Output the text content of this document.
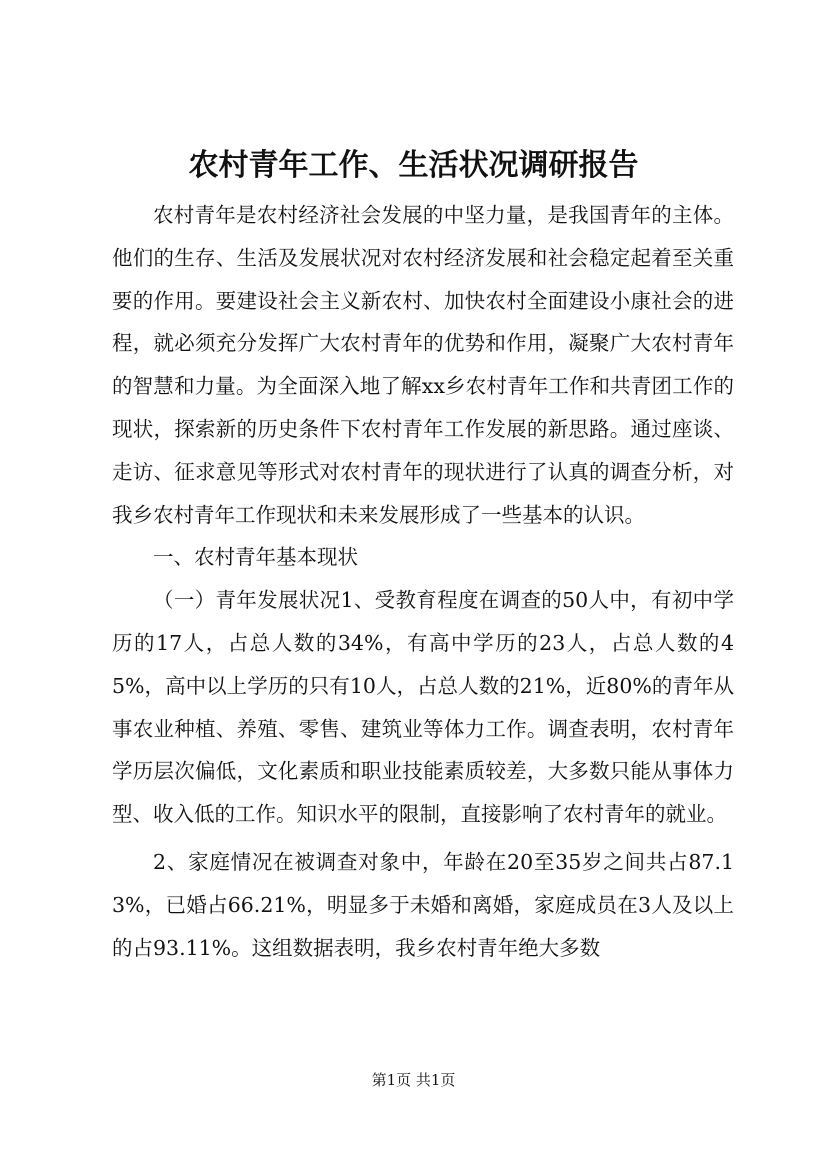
农村青年工作、生活状况调研报告

农村青年是农村经济社会发展的中坚力量，是我国青年的主体。他们的生存、生活及发展状况对农村经济发展和社会稳定起着至关重要的作用。要建设社会主义新农村、加快农村全面建设小康社会的进程，就必须充分发挥广大农村青年的优势和作用，凝聚广大农村青年的智慧和力量。为全面深入地了解xx乡农村青年工作和共青团工作的现状，探索新的历史条件下农村青年工作发展的新思路。通过座谈、走访、征求意见等形式对农村青年的现状进行了认真的调查分析，对我乡农村青年工作现状和未来发展形成了一些基本的认识。

一、农村青年基本现状

（一）青年发展状况1、受教育程度在调查的50人中，有初中学历的17人，占总人数的34%，有高中学历的23人，占总人数的45%，高中以上学历的只有10人，占总人数的21%，近80%的青年从事农业种植、养殖、零售、建筑业等体力工作。调查表明，农村青年学历层次偏低，文化素质和职业技能素质较差，大多数只能从事体力型、收入低的工作。知识水平的限制，直接影响了农村青年的就业。

2、家庭情况在被调查对象中，年龄在20至35岁之间共占87.13%，已婚占66.21%，明显多于未婚和离婚，家庭成员在3人及以上的占93.11%。这组数据表明，我乡农村青年绝大多数

第1页 共1页
